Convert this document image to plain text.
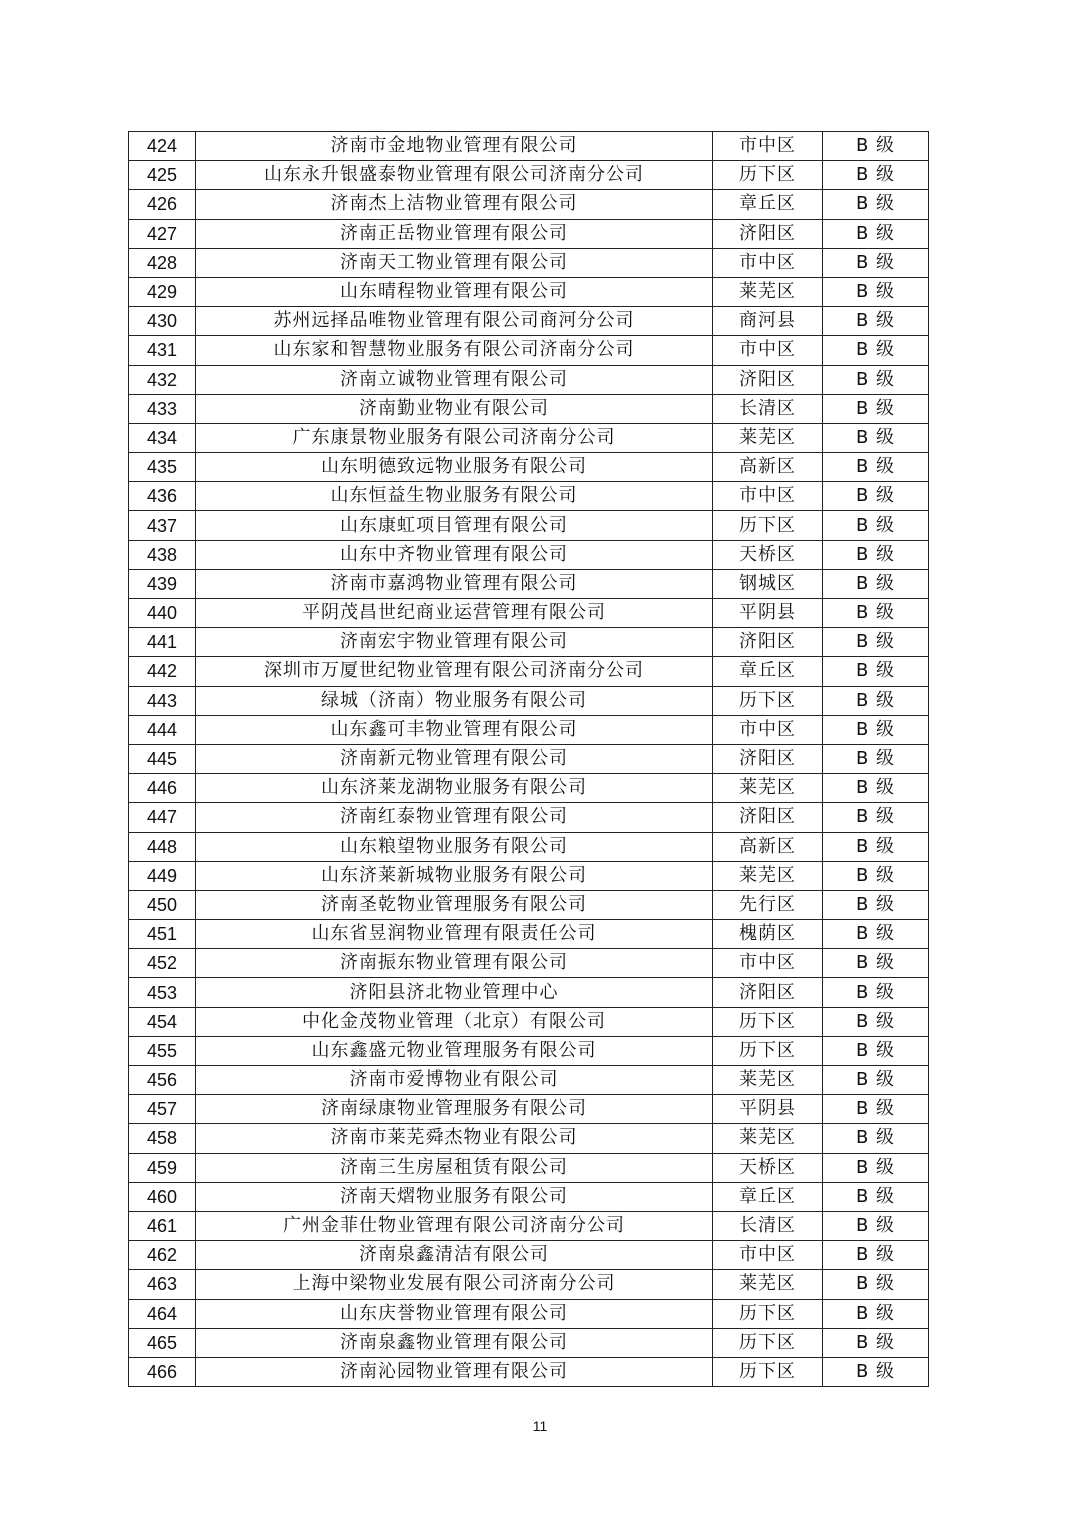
424	济南市金地物业管理有限公司	市中区	B 级
425	山东永升银盛泰物业管理有限公司济南分公司	历下区	B 级
426	济南杰上洁物业管理有限公司	章丘区	B 级
427	济南正岳物业管理有限公司	济阳区	B 级
428	济南天工物业管理有限公司	市中区	B 级
429	山东晴程物业管理有限公司	莱芜区	B 级
430	苏州远择品唯物业管理有限公司商河分公司	商河县	B 级
431	山东家和智慧物业服务有限公司济南分公司	市中区	B 级
432	济南立诚物业管理有限公司	济阳区	B 级
433	济南勤业物业有限公司	长清区	B 级
434	广东康景物业服务有限公司济南分公司	莱芜区	B 级
435	山东明德致远物业服务有限公司	高新区	B 级
436	山东恒益生物业服务有限公司	市中区	B 级
437	山东康虹项目管理有限公司	历下区	B 级
438	山东中齐物业管理有限公司	天桥区	B 级
439	济南市嘉鸿物业管理有限公司	钢城区	B 级
440	平阴茂昌世纪商业运营管理有限公司	平阴县	B 级
441	济南宏宇物业管理有限公司	济阳区	B 级
442	深圳市万厦世纪物业管理有限公司济南分公司	章丘区	B 级
443	绿城（济南）物业服务有限公司	历下区	B 级
444	山东鑫可丰物业管理有限公司	市中区	B 级
445	济南新元物业管理有限公司	济阳区	B 级
446	山东济莱龙湖物业服务有限公司	莱芜区	B 级
447	济南红泰物业管理有限公司	济阳区	B 级
448	山东粮望物业服务有限公司	高新区	B 级
449	山东济莱新城物业服务有限公司	莱芜区	B 级
450	济南圣乾物业管理服务有限公司	先行区	B 级
451	山东省昱润物业管理有限责任公司	槐荫区	B 级
452	济南振东物业管理有限公司	市中区	B 级
453	济阳县济北物业管理中心	济阳区	B 级
454	中化金茂物业管理（北京）有限公司	历下区	B 级
455	山东鑫盛元物业管理服务有限公司	历下区	B 级
456	济南市爱博物业有限公司	莱芜区	B 级
457	济南绿康物业管理服务有限公司	平阴县	B 级
458	济南市莱芜舜杰物业有限公司	莱芜区	B 级
459	济南三生房屋租赁有限公司	天桥区	B 级
460	济南天熠物业服务有限公司	章丘区	B 级
461	广州金菲仕物业管理有限公司济南分公司	长清区	B 级
462	济南泉鑫清洁有限公司	市中区	B 级
463	上海中梁物业发展有限公司济南分公司	莱芜区	B 级
464	山东庆誉物业管理有限公司	历下区	B 级
465	济南泉鑫物业管理有限公司	历下区	B 级
466	济南沁园物业管理有限公司	历下区	B 级
11
